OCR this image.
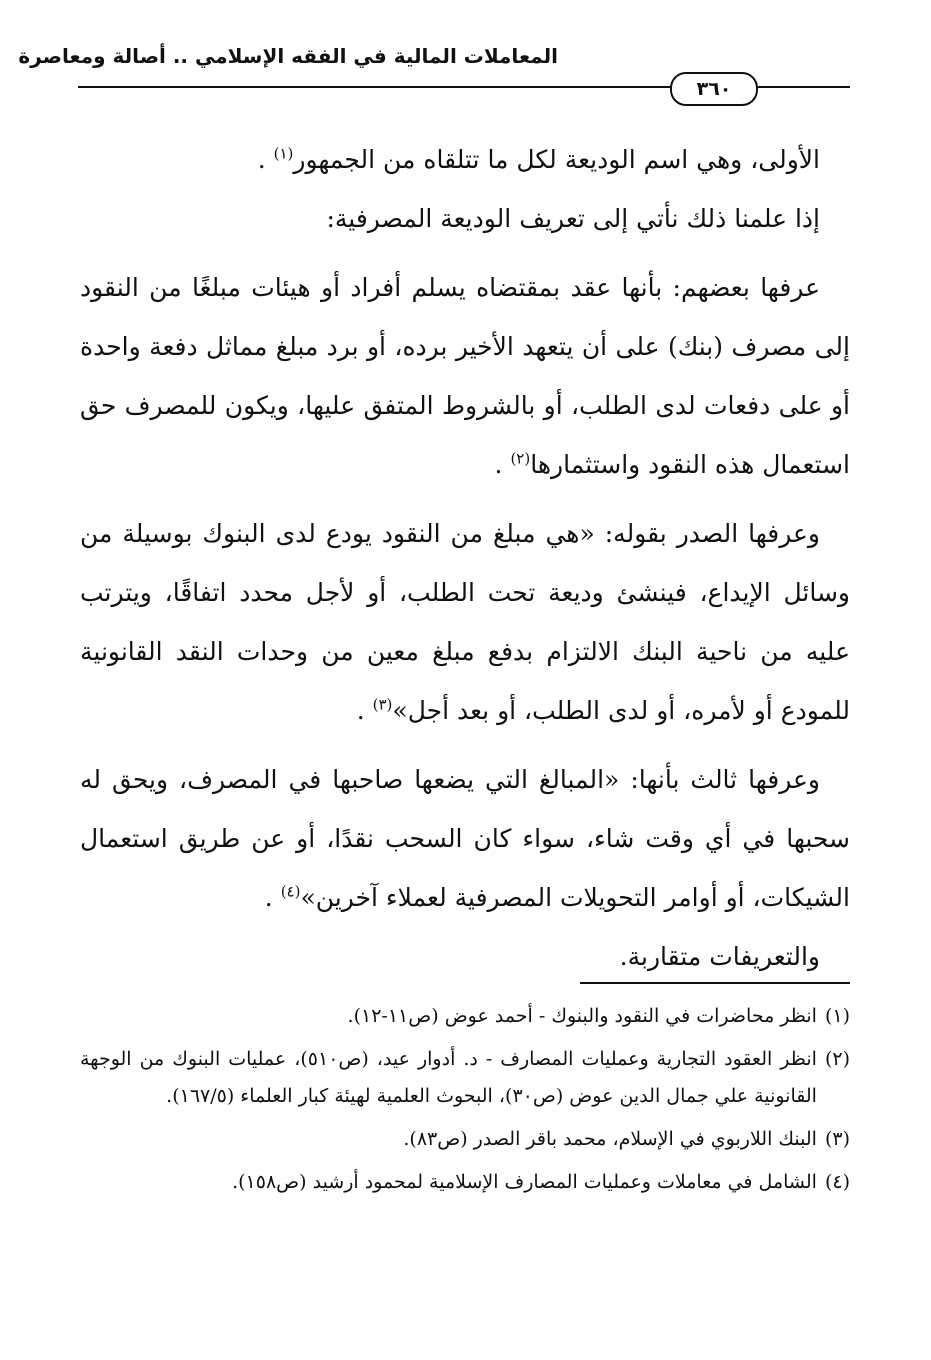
المعاملات المالية في الفقه الإسلامي .. أصالة ومعاصرة
٣٦٠

الأولى، وهي اسم الوديعة لكل ما تتلقاه من الجمهور$^{(١)}$ .

إذا علمنا ذلك نأتي إلى تعريف الوديعة المصرفية:

عرفها بعضهم: بأنها عقد بمقتضاه يسلم أفراد أو هيئات مبلغًا من النقود إلى مصرف (بنك) على أن يتعهد الأخير برده، أو برد مبلغ مماثل دفعة واحدة أو على دفعات لدى الطلب، أو بالشروط المتفق عليها، ويكون للمصرف حق استعمال هذه النقود واستثمارها$^{(٢)}$ .

وعرفها الصدر بقوله: «هي مبلغ من النقود يودع لدى البنوك بوسيلة من وسائل الإيداع، فينشئ وديعة تحت الطلب، أو لأجل محدد اتفاقًا، ويترتب عليه من ناحية البنك الالتزام بدفع مبلغ معين من وحدات النقد القانونية للمودع أو لأمره، أو لدى الطلب، أو بعد أجل»$^{(٣)}$ .

وعرفها ثالث بأنها: «المبالغ التي يضعها صاحبها في المصرف، ويحق له سحبها في أي وقت شاء، سواء كان السحب نقدًا، أو عن طريق استعمال الشيكات، أو أوامر التحويلات المصرفية لعملاء آخرين»$^{(٤)}$ .

والتعريفات متقاربة.

(١)
انظر محاضرات في النقود والبنوك - أحمد عوض (ص١١-١٢).
(٢)
انظر العقود التجارية وعمليات المصارف - د. أدوار عيد، (ص٥١٠)، عمليات البنوك من الوجهة القانونية علي جمال الدين عوض (ص٣٠)، البحوث العلمية لهيئة كبار العلماء (١٦٧/٥).
(٣)
البنك اللاربوي في الإسلام، محمد باقر الصدر (ص٨٣).
(٤)
الشامل في معاملات وعمليات المصارف الإسلامية لمحمود أرشيد (ص١٥٨).
